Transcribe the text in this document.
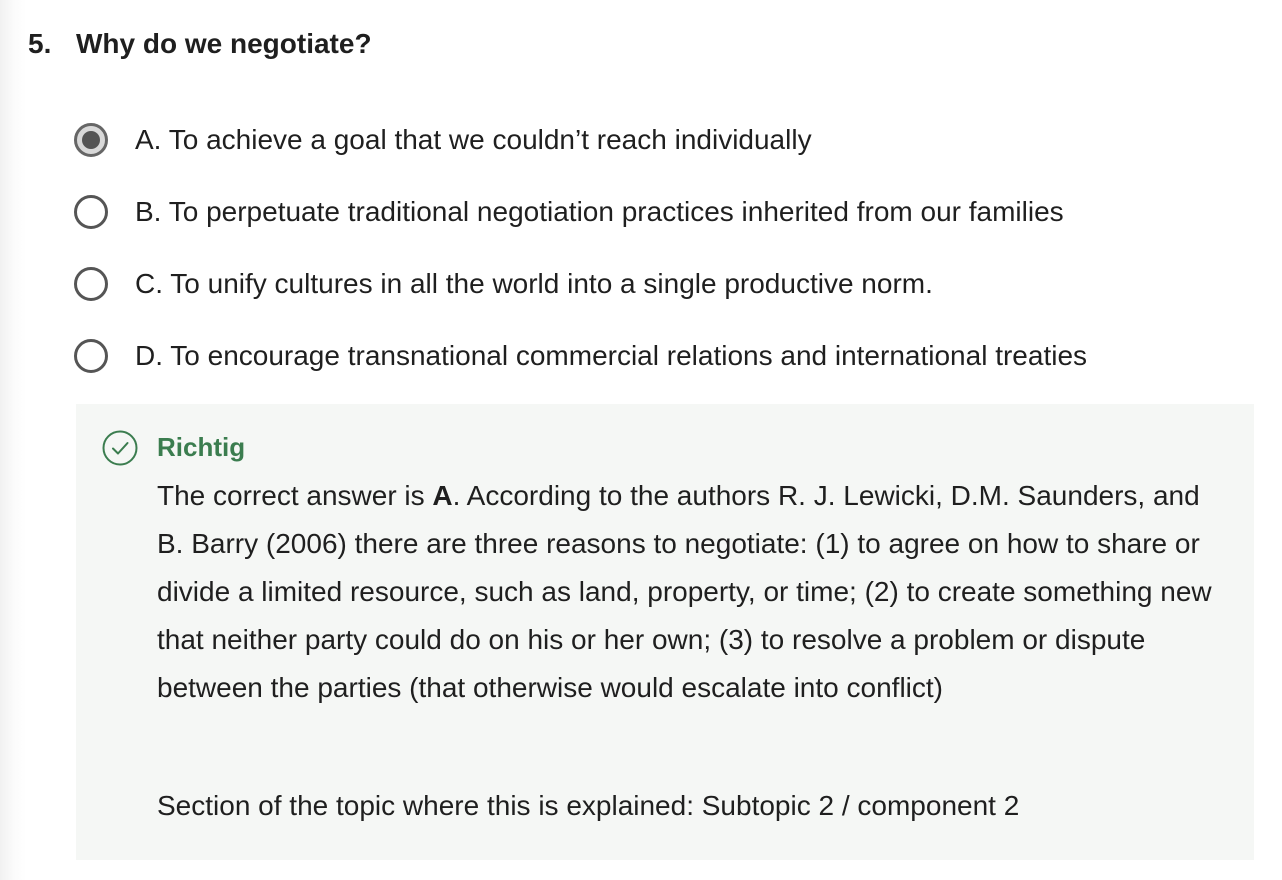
5. Why do we negotiate?
A. To achieve a goal that we couldn’t reach individually
B. To perpetuate traditional negotiation practices inherited from our families
C. To unify cultures in all the world into a single productive norm.
D. To encourage transnational commercial relations and international treaties
Richtig
The correct answer is A. According to the authors R. J. Lewicki, D.M. Saunders, and B. Barry (2006) there are three reasons to negotiate: (1) to agree on how to share or divide a limited resource, such as land, property, or time; (2) to create something new that neither party could do on his or her own; (3) to resolve a problem or dispute between the parties (that otherwise would escalate into conflict)
Section of the topic where this is explained: Subtopic 2 / component 2
